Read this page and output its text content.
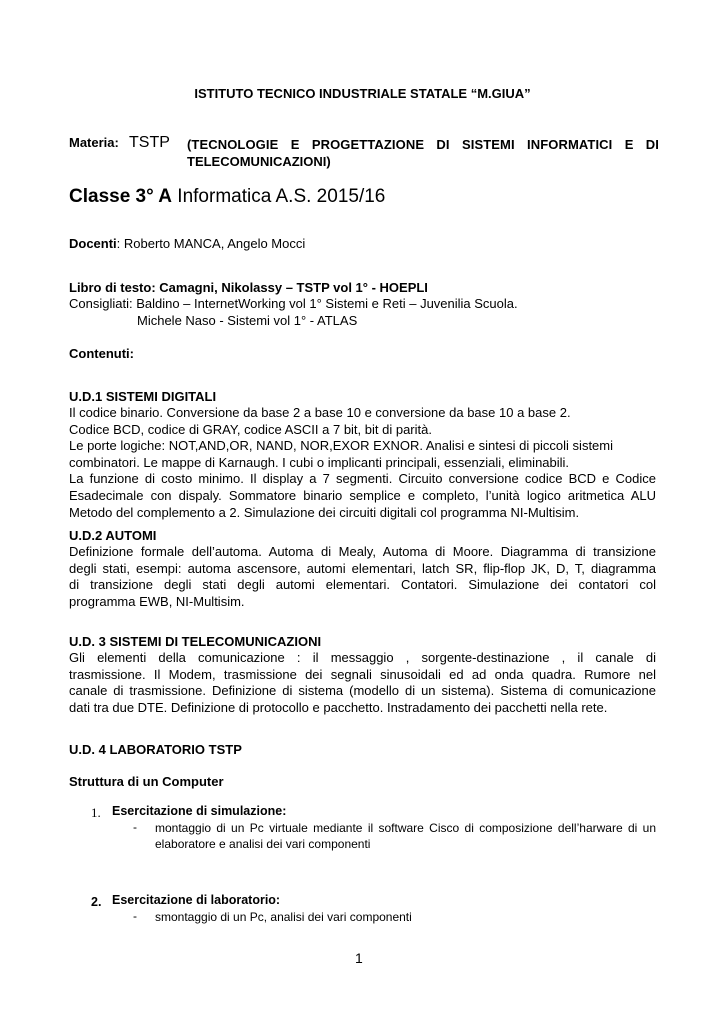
ISTITUTO TECNICO INDUSTRIALE STATALE “M.GIUA”
Materia: TSTP (TECNOLOGIE E PROGETTAZIONE DI SISTEMI INFORMATICI E DI
TELECOMUNICAZIONI)
Classe 3° A Informatica A.S. 2015/16
Docenti: Roberto MANCA, Angelo Mocci
Libro di testo: Camagni, Nikolassy – TSTP vol 1° - HOEPLI
Consigliati: Baldino – InternetWorking vol 1° Sistemi e Reti – Juvenilia Scuola.
Michele Naso - Sistemi vol 1° - ATLAS
Contenuti:
U.D.1 SISTEMI DIGITALI
Il codice binario. Conversione da base 2 a base 10 e conversione da base 10 a base 2.
Codice BCD, codice di GRAY, codice ASCII a 7 bit, bit di parità.
Le porte logiche: NOT,AND,OR, NAND, NOR,EXOR EXNOR. Analisi e sintesi di piccoli sistemi
combinatori. Le mappe di Karnaugh. I cubi o implicanti principali, essenziali, eliminabili.
La funzione di costo minimo. Il display a 7 segmenti. Circuito conversione codice BCD e Codice
Esadecimale con dispaly. Sommatore binario semplice e completo, l’unità logico aritmetica ALU
Metodo del complemento a 2. Simulazione dei circuiti digitali col programma NI-Multisim.
U.D.2 AUTOMI
Definizione formale dell’automa. Automa di Mealy, Automa di Moore. Diagramma di transizione
degli stati, esempi: automa ascensore, automi elementari, latch SR, flip-flop JK, D, T, diagramma
di transizione degli stati degli automi elementari. Contatori. Simulazione dei contatori col
programma EWB, NI-Multisim.
U.D. 3 SISTEMI DI TELECOMUNICAZIONI
Gli elementi della comunicazione : il messaggio , sorgente-destinazione , il canale di
trasmissione. Il Modem, trasmissione dei segnali sinusoidali ed ad onda quadra. Rumore nel
canale di trasmissione. Definizione di sistema (modello di un sistema). Sistema di comunicazione
dati tra due DTE. Definizione di protocollo e pacchetto. Instradamento dei pacchetti nella rete.
U.D. 4 LABORATORIO TSTP
Struttura di un Computer
1. Esercitazione di simulazione:
- montaggio di un Pc virtuale mediante il software Cisco di composizione dell’harware di un
elaboratore e analisi dei vari componenti
2. Esercitazione di laboratorio:
- smontaggio di un Pc, analisi dei vari componenti
1
